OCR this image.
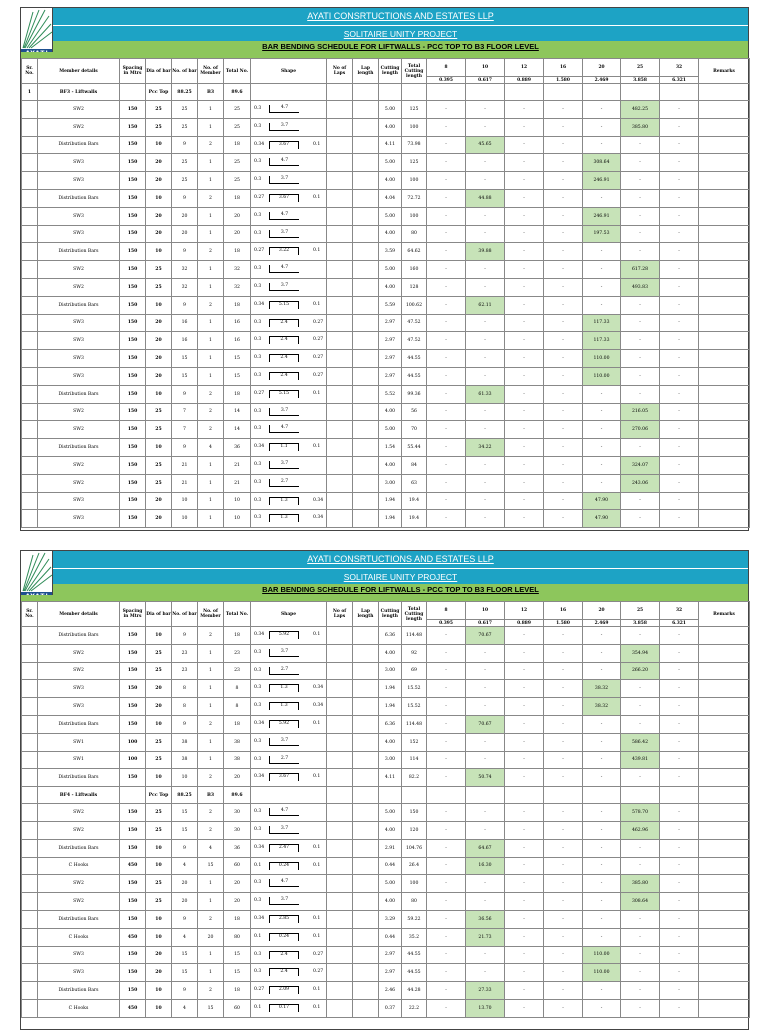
AYATI CONSRTUCTIONS AND ESTATES LLP
SOLITAIRE UNITY PROJECT
BAR BENDING SCHEDULE FOR LIFTWALLS - PCC TOP TO B3 FLOOR LEVEL
Sr. No.	Member details	Spacing in Mtrs	Dia of bar	No. of bar	No. of Member	Total No.	Shape	No of Laps	Lap length	Cutting length	Total Cutting length	8	10	12	16	20	25	32	Remarks
												0.395	0.617	0.889	1.580	2.469	3.858	6.321	
1	BF3 - Liftwalls		Pcc Top	88.25	B3	89.6													
	SW2	150	25	25	1	25	0.3 4.7			5.00	125	-	-	-	-	-	482.25	-	
	SW2	150	25	25	1	25	0.3 3.7			4.00	100	-	-	-	-	-	385.80	-	
	Distribution Bars	150	10	9	2	18	0.34 3.67 0.1			4.11	73.98	-	45.65	-	-	-	-	-	
	SW3	150	20	25	1	25	0.3 4.7			5.00	125	-	-	-	-	308.64	-	-	
	SW3	150	20	25	1	25	0.3 3.7			4.00	100	-	-	-	-	246.91	-	-	
	Distribution Bars	150	10	9	2	18	0.27 3.67 0.1			4.04	72.72	-	44.88	-	-	-	-	-	
	SW3	150	20	20	1	20	0.3 4.7			5.00	100	-	-	-	-	246.91	-	-	
	SW3	150	20	20	1	20	0.3 3.7			4.00	80	-	-	-	-	197.53	-	-	
	Distribution Bars	150	10	9	2	18	0.27 3.22 0.1			3.59	64.62	-	39.88	-	-	-	-	-	
	SW2	150	25	32	1	32	0.3 4.7			5.00	160	-	-	-	-	-	617.28	-	
	SW2	150	25	32	1	32	0.3 3.7			4.00	128	-	-	-	-	-	493.83	-	
	Distribution Bars	150	10	9	2	18	0.34 5.15 0.1			5.59	100.62	-	62.11	-	-	-	-	-	
	SW3	150	20	16	1	16	0.3 2.4 0.27			2.97	47.52	-	-	-	-	117.33	-	-	
	SW3	150	20	16	1	16	0.3 2.4 0.27			2.97	47.52	-	-	-	-	117.33	-	-	
	SW3	150	20	15	1	15	0.3 2.4 0.27			2.97	44.55	-	-	-	-	110.00	-	-	
	SW3	150	20	15	1	15	0.3 2.4 0.27			2.97	44.55	-	-	-	-	110.00	-	-	
	Distribution Bars	150	10	9	2	18	0.27 5.15 0.1			5.52	99.36	-	61.33	-	-	-	-	-	
	SW2	150	25	7	2	14	0.3 3.7			4.00	56	-	-	-	-	-	216.05	-	
	SW2	150	25	7	2	14	0.3 4.7			5.00	70	-	-	-	-	-	270.06	-	
	Distribution Bars	150	10	9	4	36	0.34 1.1 0.1			1.54	55.44	-	34.22	-	-	-	-	-	
	SW2	150	25	21	1	21	0.3 3.7			4.00	84	-	-	-	-	-	324.07	-	
	SW2	150	25	21	1	21	0.3 2.7			3.00	63	-	-	-	-	-	243.06	-	
	SW3	150	20	10	1	10	0.3 1.3 0.34			1.94	19.4	-	-	-	-	47.90	-	-	
	SW3	150	20	10	1	10	0.3 1.3 0.34			1.94	19.4	-	-	-	-	47.90	-	-	
AYATI CONSRTUCTIONS AND ESTATES LLP
SOLITAIRE UNITY PROJECT
BAR BENDING SCHEDULE FOR LIFTWALLS - PCC TOP TO B3 FLOOR LEVEL
Sr. No.	Member details	Spacing in Mtrs	Dia of bar	No. of bar	No. of Member	Total No.	Shape	No of Laps	Lap length	Cutting length	Total Cutting length	8	10	12	16	20	25	32	Remarks
												0.395	0.617	0.889	1.580	2.469	3.858	6.321	
	Distribution Bars	150	10	9	2	18	0.34 5.92 0.1			6.36	114.48	-	70.67	-	-	-	-	-	
	SW2	150	25	23	1	23	0.3 3.7			4.00	92	-	-	-	-	-	354.94	-	
	SW2	150	25	23	1	23	0.3 2.7			3.00	69	-	-	-	-	-	266.20	-	
	SW3	150	20	8	1	8	0.3 1.3 0.34			1.94	15.52	-	-	-	-	38.32	-	-	
	SW3	150	20	8	1	8	0.3 1.3 0.34			1.94	15.52	-	-	-	-	38.32	-	-	
	Distribution Bars	150	10	9	2	18	0.34 5.92 0.1			6.36	114.48	-	70.67	-	-	-	-	-	
	SW1	100	25	38	1	38	0.3 3.7			4.00	152	-	-	-	-	-	586.42	-	
	SW1	100	25	38	1	38	0.3 2.7			3.00	114	-	-	-	-	-	439.81	-	
	Distribution Bars	150	10	10	2	20	0.34 3.67 0.1			4.11	82.2	-	50.74	-	-	-	-	-	
	BF4 - Liftwalls		Pcc Top	88.25	B3	89.6													
	SW2	150	25	15	2	30	0.3 4.7			5.00	150	-	-	-	-	-	578.70	-	
	SW2	150	25	15	2	30	0.3 3.7			4.00	120	-	-	-	-	-	462.96	-	
	Distribution Bars	150	10	9	4	36	0.34 2.47 0.1			2.91	104.76	-	64.67	-	-	-	-	-	
	C Hooks	450	10	4	15	60	0.1 0.24 0.1			0.44	26.4	-	16.30	-	-	-	-	-	
	SW2	150	25	20	1	20	0.3 4.7			5.00	100	-	-	-	-	-	385.80	-	
	SW2	150	25	20	1	20	0.3 3.7			4.00	80	-	-	-	-	-	308.64	-	
	Distribution Bars	150	10	9	2	18	0.34 2.85 0.1			3.29	59.22	-	36.56	-	-	-	-	-	
	C Hooks	450	10	4	20	80	0.1 0.24 0.1			0.44	35.2	-	21.73	-	-	-	-	-	
	SW3	150	20	15	1	15	0.3 2.4 0.27			2.97	44.55	-	-	-	-	110.00	-	-	
	SW3	150	20	15	1	15	0.3 2.4 0.27			2.97	44.55	-	-	-	-	110.00	-	-	
	Distribution Bars	150	10	9	2	18	0.27 2.09 0.1			2.46	44.28	-	27.33	-	-	-	-	-	
	C Hooks	450	10	4	15	60	0.1 0.17 0.1			0.37	22.2	-	13.70	-	-	-	-	-	
